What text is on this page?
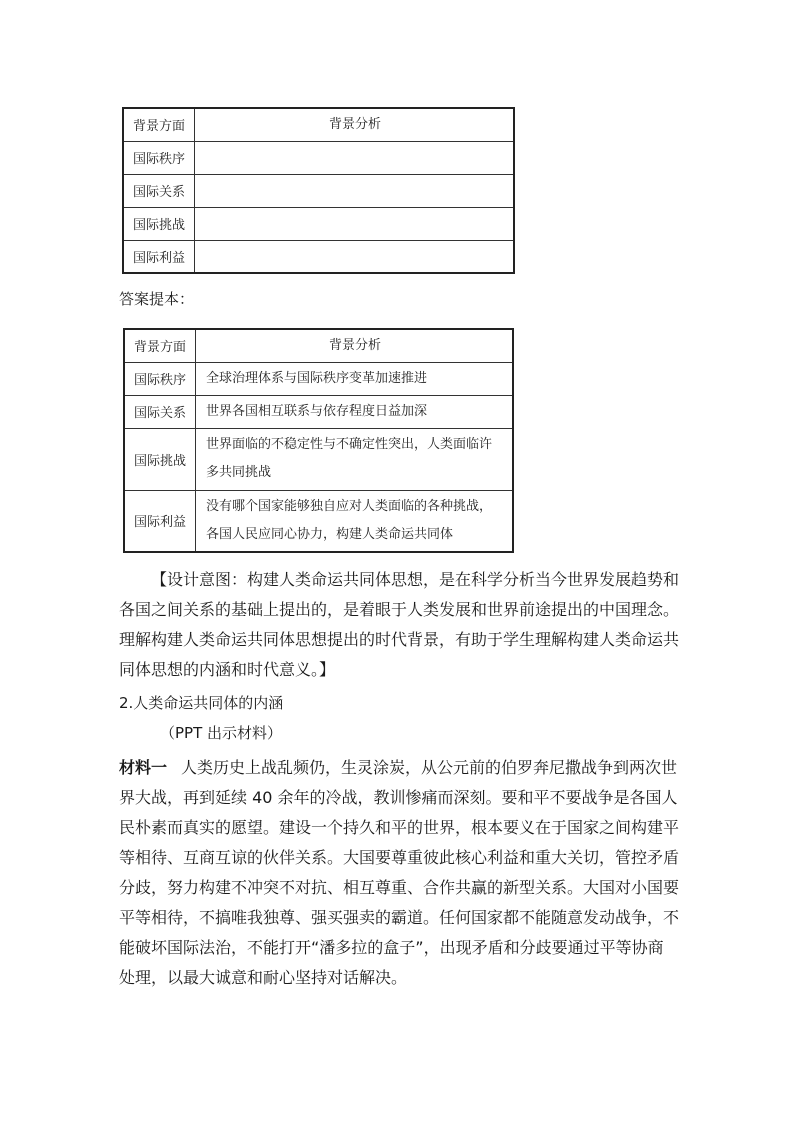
背景方面	背景分析
国际秩序	
国际关系	
国际挑战	
国际利益	
答案提本：
背景方面	背景分析
国际秩序	全球治理体系与国际秩序变革加速推进
国际关系	世界各国相互联系与依存程度日益加深
国际挑战	世界面临的不稳定性与不确定性突出，人类面临许多共同挑战
国际利益	没有哪个国家能够独自应对人类面临的各种挑战，各国人民应同心协力，构建人类命运共同体
【设计意图：构建人类命运共同体思想，是在科学分析当今世界发展趋势和各国之间关系的基础上提出的，是着眼于人类发展和世界前途提出的中国理念。理解构建人类命运共同体思想提出的时代背景，有助于学生理解构建人类命运共同体思想的内涵和时代意义。】
2.人类命运共同体的内涵
（PPT 出示材料）
材料一 人类历史上战乱频仍，生灵涂炭，从公元前的伯罗奔尼撒战争到两次世界大战，再到延续 40 余年的冷战，教训惨痛而深刻。要和平不要战争是各国人民朴素而真实的愿望。建设一个持久和平的世界，根本要义在于国家之间构建平等相待、互商互谅的伙伴关系。大国要尊重彼此核心利益和重大关切，管控矛盾分歧，努力构建不冲突不对抗、相互尊重、合作共赢的新型关系。大国对小国要平等相待，不搞唯我独尊、强买强卖的霸道。任何国家都不能随意发动战争，不能破坏国际法治，不能打开“潘多拉的盒子”，出现矛盾和分歧要通过平等协商处理，以最大诚意和耐心坚持对话解决。
